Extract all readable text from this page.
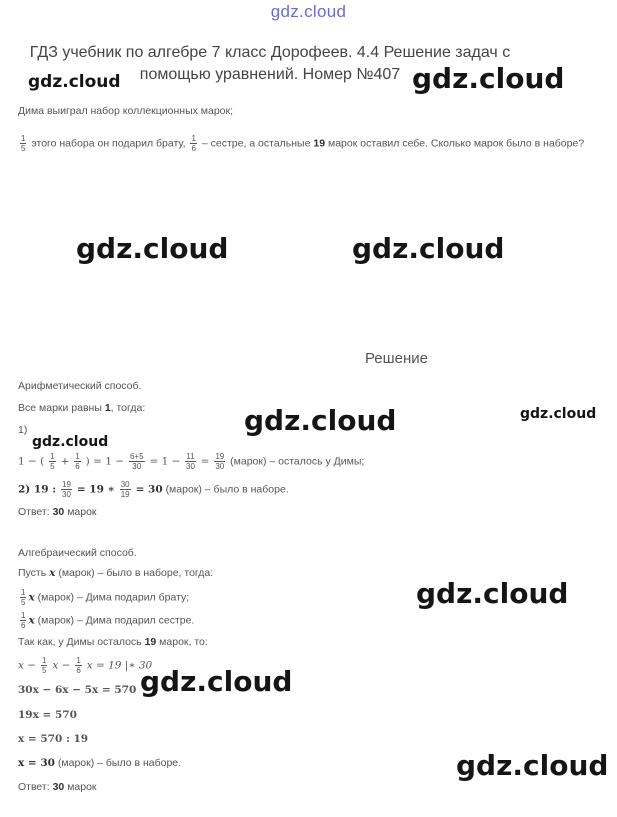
gdz.cloud
ГДЗ учебник по алгебре 7 класс Дорофеев. 4.4 Решение задач с помощью уравнений. Номер №407
gdz.cloud	gdz.cloud
gdz.cloud	gdz.cloud
gdz.cloud	gdz.cloud
gdz.cloud
gdz.cloud
gdz.cloud
gdz.cloud
Дима выиграл набор коллекционных марок;
$\frac{1}{5}$ этого набора он подарил брату, $\frac{1}{6}$ – сестре, а остальные 19 марок оставил себе. Сколько марок было в наборе?
Решение
Арифметический способ.
Все марки равны 1, тогда:
1)
1 − ( $\frac{1}{5} + \frac{1}{6}$ ) = $1 - \frac{6+5}{30} = 1 - \frac{11}{30} = \frac{19}{30}$ (марок) – осталось у Димы;
2) 19 : $\frac{19}{30} = 19$ ∗ $\frac{30}{19} = 30$ (марок) – было в наборе.
Ответ: 30 марок
Алгебраический способ.
Пусть x (марок) – было в наборе, тогда:
$\frac{1}{5}$ x (марок) – Дима подарил брату;
$\frac{1}{6}$ x (марок) – Дима подарил сестре.
Так как, у Димы осталось 19 марок, то:
$x - \frac{1}{5}$ $x - \frac{1}{6}$ x = 19 |∗ 30
30x − 6x − 5x = 570
19x = 570
x = 570 : 19
x = 30 (марок) – было в наборе.
Ответ: 30 марок
